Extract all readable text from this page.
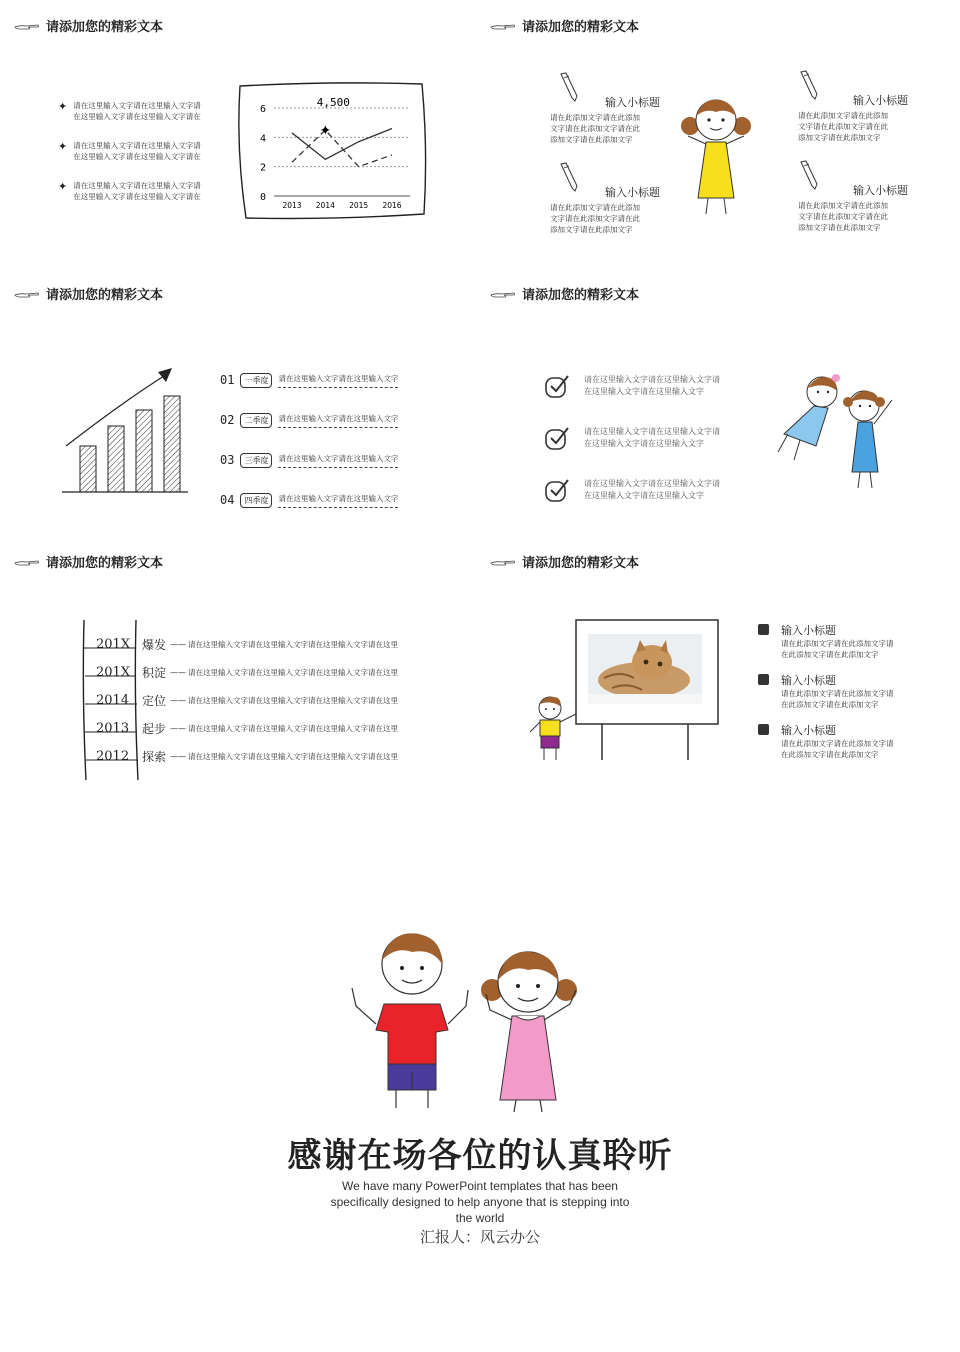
请添加您的精彩文本
✦ 请在这里输入文字请在这里输入文字请
在这里输入文字请在这里输入文字请在
✦ 请在这里输入文字请在这里输入文字请
在这里输入文字请在这里输入文字请在
✦ 请在这里输入文字请在这里输入文字请
在这里输入文字请在这里输入文字请在	0
2
4
6
2013 2014 2015 2016
✦
4,500
请添加您的精彩文本
输入小标题
请在此添加文字请在此添加
文字请在此添加文字请在此
添加文字请在此添加文字
输入小标题
请在此添加文字请在此添加
文字请在此添加文字请在此
添加文字请在此添加文字
输入小标题
请在此添加文字请在此添加
文字请在此添加文字请在此
添加文字请在此添加文字
输入小标题
请在此添加文字请在此添加
文字请在此添加文字请在此
添加文字请在此添加文字
请添加您的精彩文本
01	一季度	请在这里输入文字请在这里输入文字
02	二季度	请在这里输入文字请在这里输入文字
03	三季度	请在这里输入文字请在这里输入文字
04	四季度	请在这里输入文字请在这里输入文字
请添加您的精彩文本
请在这里输入文字请在这里输入文字请
在这里输入文字请在这里输入文字
请在这里输入文字请在这里输入文字请
在这里输入文字请在这里输入文字
请在这里输入文字请在这里输入文字请
在这里输入文字请在这里输入文字
请添加您的精彩文本
201X 爆发 —— 请在这里输入文字请在这里输入文字请在这里输入文字请在这里
201X 积淀 —— 请在这里输入文字请在这里输入文字请在这里输入文字请在这里
2014	定位 —— 请在这里输入文字请在这里输入文字请在这里输入文字请在这里
2013	起步 —— 请在这里输入文字请在这里输入文字请在这里输入文字请在这里
2012	探索 —— 请在这里输入文字请在这里输入文字请在这里输入文字请在这里
请添加您的精彩文本
输入小标题
请在此添加文字请在此添加文字请
在此添加文字请在此添加文字
输入小标题
请在此添加文字请在此添加文字请
在此添加文字请在此添加文字
输入小标题
请在此添加文字请在此添加文字请
在此添加文字请在此添加文字
感谢在场各位的认真聆听
We have many PowerPoint templates that has been
specifically designed to help anyone that is stepping into
the world
汇报人：风云办公
